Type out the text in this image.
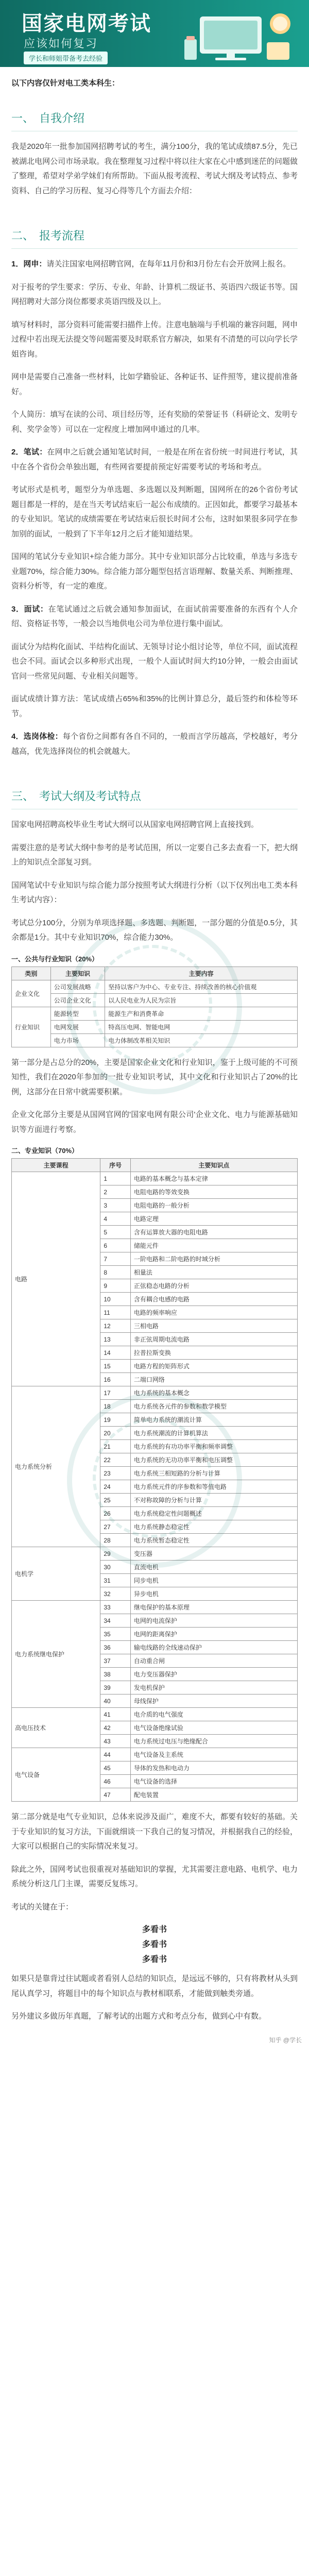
国家电网考试
应该如何复习
学长和师姐带备考去经验
以下内容仅针对电工类本科生：
一、 自我介绍

我是2020年一批参加国网招聘考试的考生，满分100分，我的笔试成绩87.5分，先已被湖北电网公司市场录取。我在整理复习过程中将以往大家在心中感到迷茫的问题做了整理，希望对学弟学妹们有所帮助。下面从报考流程、考试大纲及考试特点、参考资料、自己的学习历程、复习心得等几个方面去介绍：

二、 报考流程

1．网申：请关注国家电网招聘官网，在每年11月份和3月份左右会开放网上报名。

对于报考的学生要求：学历、专业、年龄、计算机二级证书、英语四六级证书等。国网招聘对大部分岗位都要求英语四级及以上。

填写材料时，部分资料可能需要扫描件上传。注意电脑端与手机端的兼容问题，网申过程中若出现无法提交等问题需要及时联系官方解决，如果有不清楚的可以向学长学姐咨询。

网申是需要自己准备一些材料，比如学籍验证、各种证书、证件照等，建议提前准备好。

个人简历：填写在读的公司、项目经历等，还有奖励的荣誉证书（科研论文、发明专利、奖学金等）可以在一定程度上增加网申通过的几率。

2．笔试：在网申之后就会通知笔试时间，一般是在所在省份统一时间进行考试，其中在各个省份会单独出题，有些网省要提前预定好需要考试的考场和考点。

考试形式是机考，题型分为单选题、多选题以及判断题，国网所在的26个省份考试题目都是一样的，是在当天考试结束后一起公布成绩的。正因如此，都要学习最基本的专业知识。笔试的成绩需要在考试结束后很长时间才公布，这时如果很多同学在参加别的面试，一般到了下半年12月之后才能知道结果。

国网的笔试分专业知识+综合能力部分。其中专业知识部分占比较重，单选与多选专业题70%，综合能力30%。综合能力部分题型包括言语理解、数量关系、判断推理、资料分析等，有一定的难度。

3．面试：在笔试通过之后就会通知参加面试，在面试前需要准备的东西有个人介绍、资格证书等，一般会以当地供电公司为单位进行集中面试。

面试分为结构化面试、半结构化面试、无领导讨论小组讨论等，单位不同，面试流程也会不同。面试会以多种形式出现，一般个人面试时间大约10分钟，一般会由面试官问一些常见问题、专业相关问题等。

面试成绩计算方法：笔试成绩占65%和35%的比例计算总分，最后签约和体检等环节。

4．选岗体检：每个省份之间都有各自不同的，一般而言学历越高，学校越好，考分越高，优先选择岗位的机会就越大。

三、 考试大纲及考试特点

国家电网招聘高校毕业生考试大纲可以从国家电网招聘官网上直接找到。

需要注意的是考试大纲中参考的是考试范围，所以一定要自己多去查看一下，把大纲上的知识点全部复习到。

国网笔试中专业知识与综合能力部分按照考试大纲进行分析（以下仅列出电工类本科生考试内容）：

考试总分100分，分别为单项选择题、多选题、判断题，一部分题的分值是0.5分，其余都是1分。其中专业知识70%，综合能力30%。

一、公共与行业知识（20%）
类别	主要知识	主要内容
企业文化	公司发展战略	坚持以客户为中心、专业专注、持续改善的核心价值观
	公司企业文化	以人民电业为人民为宗旨
行业知识	能源转型	能源生产和消费革命
	电网发展	特高压电网、智能电网
	电力市场	电力体制改革相关知识

第一部分是占总分的20%，主要是国家企业文化和行业知识，鉴于上级可能的不可预知性，我们在2020年参加的一批专业知识考试，其中文化和行业知识占了20%的比例，这部分在日常中就需要积累。

企业文化部分主要是从国网官网的'国家电网有限公司'企业文化、电力与能源基础知识等方面进行考察。

二、专业知识（70%）
主要课程	序号	主要知识点
电路	1	电路的基本概念与基本定律
	2	电阻电路的等效变换
	3	电阻电路的一般分析
	4	电路定理
	5	含有运算放大器的电阻电路
	6	储能元件
	7	一阶电路和二阶电路的时域分析
	8	相量法
	9	正弦稳态电路的分析
	10	含有耦合电感的电路
	11	电路的频率响应
	12	三相电路
	13	非正弦周期电流电路
	14	拉普拉斯变换
	15	电路方程的矩阵形式
	16	二端口网络
电力系统分析	17	电力系统的基本概念
	18	电力系统各元件的参数和数学模型
	19	简单电力系统的潮流计算
	20	电力系统潮流的计算机算法
	21	电力系统的有功功率平衡和频率调整
	22	电力系统的无功功率平衡和电压调整
	23	电力系统三相短路的分析与计算
	24	电力系统元件的序参数和等值电路
	25	不对称故障的分析与计算
	26	电力系统稳定性问题概述
	27	电力系统静态稳定性
	28	电力系统暂态稳定性
电机学	29	变压器
	30	直流电机
	31	同步电机
	32	异步电机
电力系统继电保护	33	继电保护的基本原理
	34	电网的电流保护
	35	电网的距离保护
	36	输电线路的全线速动保护
	37	自动重合闸
	38	电力变压器保护
	39	发电机保护
	40	母线保护
高电压技术	41	电介质的电气强度
	42	电气设备绝缘试验
	43	电力系统过电压与绝缘配合
电气设备	44	电气设备及主系统
	45	导体的发热和电动力
	46	电气设备的选择
	47	配电装置

第二部分就是电气专业知识，总体来说涉及面广，难度不大，都要有较好的基础。关于专业知识的复习方法，下面就细谈一下我自己的复习情况，并根据我自己的经验，大家可以根据自己的实际情况来复习。

除此之外，国网考试也很重视对基础知识的掌握，尤其需要注意电路、电机学、电力系统分析这几门主课，需要反复练习。

考试的关键在于：

多看书
多看书
多看书

如果只是靠背过往试题或者看别人总结的知识点，是远远不够的，只有将教材从头到尾认真学习，将题目中的每个知识点与教材相联系，才能做到触类旁通。

另外建议多做历年真题，了解考试的出题方式和考点分布，做到心中有数。

知乎 @学长
